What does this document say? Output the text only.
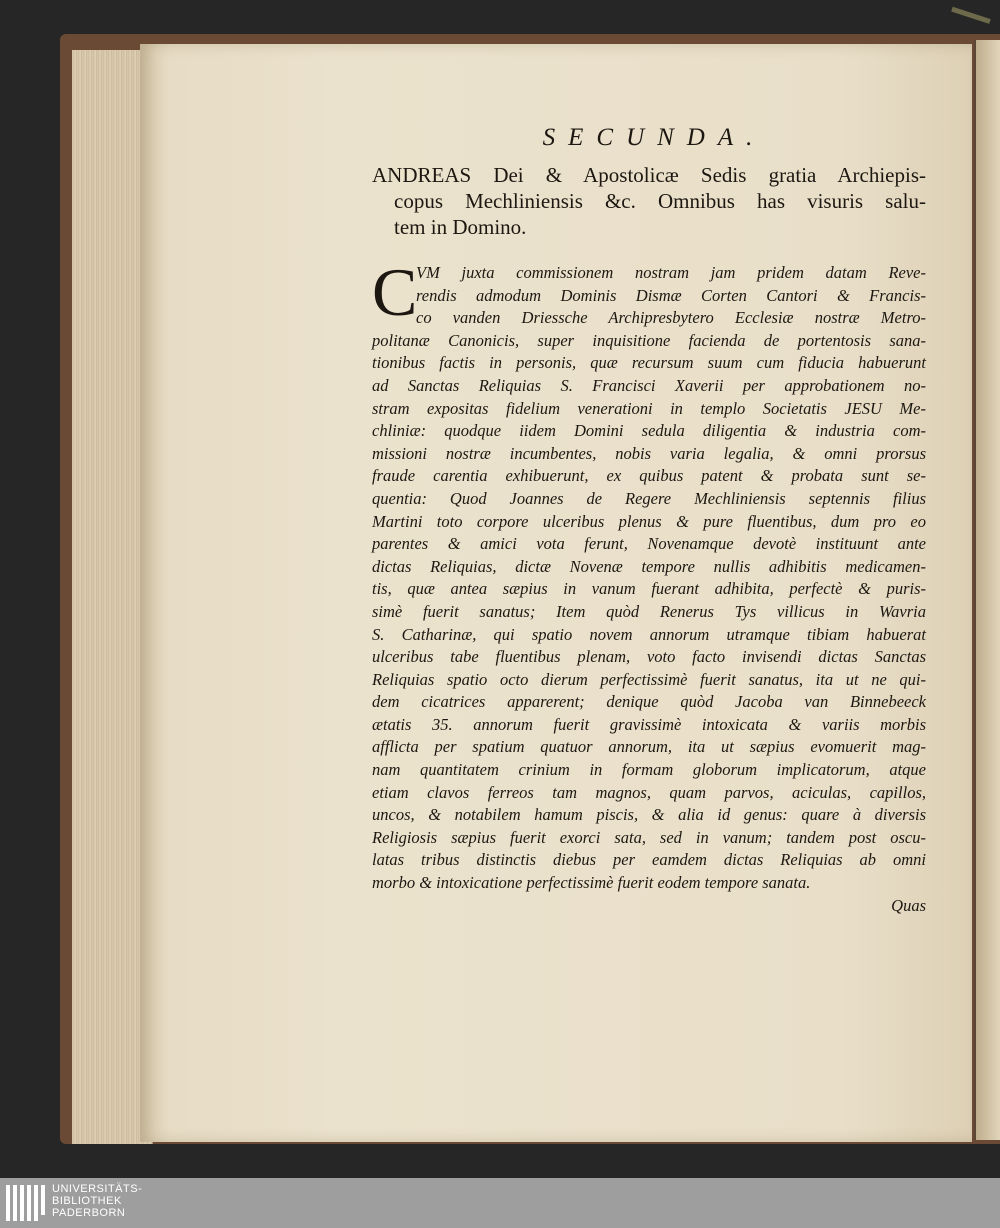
SECUNDA.
ANDREAS Dei & Apostolicæ Sedis gratia Archiepis-
copus Mechliniensis &c. Omnibus has visuris salu-
tem in Domino.
C
VM juxta commissionem nostram jam pridem datam Reve-
rendis admodum Dominis Dismæ Corten Cantori & Francis-
co vanden Driessche Archipresbytero Ecclesiæ nostræ Metro-
politanæ Canonicis, super inquisitione facienda de portentosis sana-
tionibus factis in personis, quæ recursum suum cum fiducia habuerunt
ad Sanctas Reliquias S. Francisci Xaverii per approbationem no-
stram expositas fidelium venerationi in templo Societatis JESU Me-
chliniæ: quodque iidem Domini sedula diligentia & industria com-
missioni nostræ incumbentes, nobis varia legalia, & omni prorsus
fraude carentia exhibuerunt, ex quibus patent & probata sunt se-
quentia: Quod Joannes de Regere Mechliniensis septennis filius
Martini toto corpore ulceribus plenus & pure fluentibus, dum pro eo
parentes & amici vota ferunt, Novenamque devotè instituunt ante
dictas Reliquias, dictæ Novenæ tempore nullis adhibitis medicamen-
tis, quæ antea sæpius in vanum fuerant adhibita, perfectè & puris-
simè fuerit sanatus; Item quòd Renerus Tys villicus in Wavria
S. Catharinæ, qui spatio novem annorum utramque tibiam habuerat
ulceribus tabe fluentibus plenam, voto facto invisendi dictas Sanctas
Reliquias spatio octo dierum perfectissimè fuerit sanatus, ita ut ne qui-
dem cicatrices apparerent; denique quòd Jacoba van Binnebeeck
ætatis 35. annorum fuerit gravissimè intoxicata & variis morbis
afflicta per spatium quatuor annorum, ita ut sæpius evomuerit mag-
nam quantitatem crinium in formam globorum implicatorum, atque
etiam clavos ferreos tam magnos, quam parvos, aciculas, capillos,
uncos, & notabilem hamum piscis, & alia id genus: quare à diversis
Religiosis sæpius fuerit exorci sata, sed in vanum; tandem post oscu-
latas tribus distinctis diebus per eamdem dictas Reliquias ab omni
morbo & intoxicatione perfectissimè fuerit eodem tempore sanata.
Quas
UNIVERSITÄTS-
BIBLIOTHEK
PADERBORN
